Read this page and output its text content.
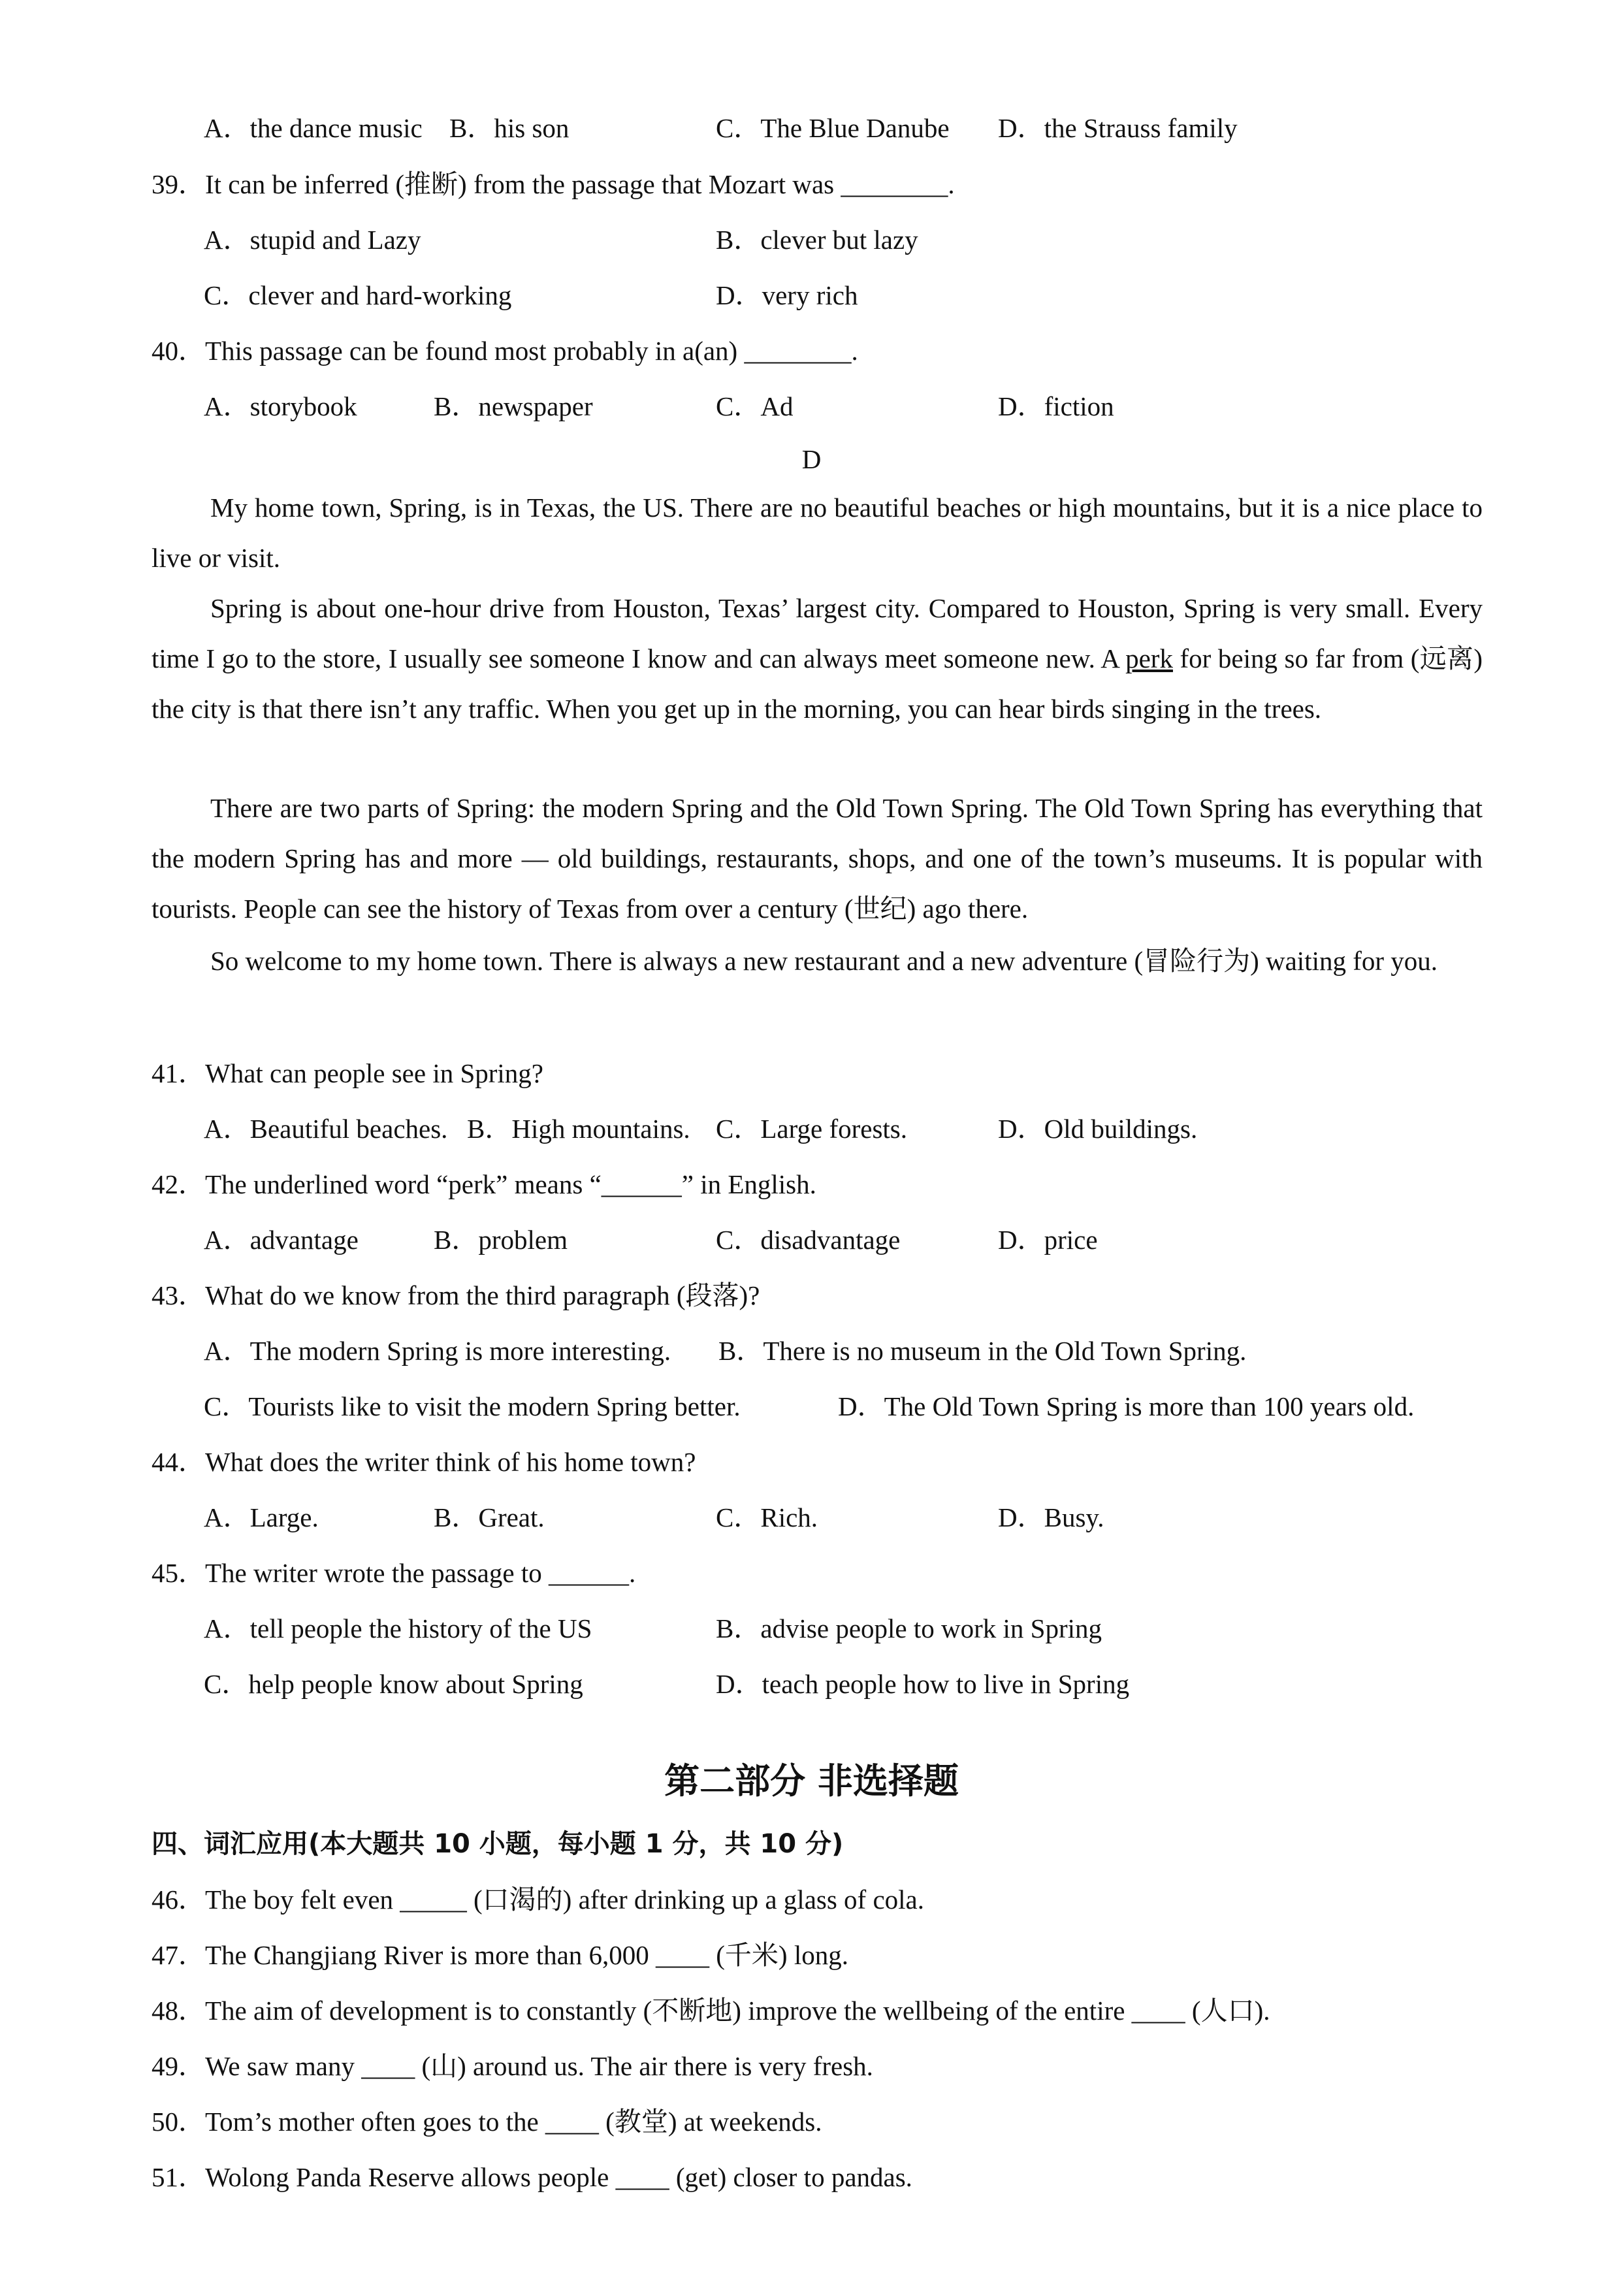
A．the dance music B．his son	C．The Blue Danube D．the Strauss family
39．It can be inferred (推断) from the passage that Mozart was ________.
A．stupid and Lazy	B．clever but lazy
C．clever and hard-working	D．very rich
40．This passage can be found most probably in a(an) ________.
A．storybook	B．newspaper	C．Ad	D．fiction
D
My home town, Spring, is in Texas, the US. There are no beautiful beaches or high mountains, but it is a nice place to live or visit.
Spring is about one-hour drive from Houston, Texas’ largest city. Compared to Houston, Spring is very small. Every time I go to the store, I usually see someone I know and can always meet someone new. A perk for being so far from (远离) the city is that there isn’t any traffic. When you get up in the morning, you can hear birds singing in the trees.
There are two parts of Spring: the modern Spring and the Old Town Spring. The Old Town Spring has everything that the modern Spring has and more — old buildings, restaurants, shops, and one of the town’s museums. It is popular with tourists. People can see the history of Texas from over a century (世纪) ago there.
So welcome to my home town. There is always a new restaurant and a new adventure (冒险行为) waiting for you.
41．What can people see in Spring?
A．Beautiful beaches. B．High mountains. C．Large forests.	D．Old buildings.
42．The underlined word “perk” means “______” in English.
A．advantage	B．problem	C．disadvantage	D．price
43．What do we know from the third paragraph (段落)?
A．The modern Spring is more interesting. B．There is no museum in the Old Town Spring.
C．Tourists like to visit the modern Spring better.	D．The Old Town Spring is more than 100 years old.
44．What does the writer think of his home town?
A．Large.	B．Great.	C．Rich.	D．Busy.
45．The writer wrote the passage to ______.
A．tell people the history of the US	B．advise people to work in Spring
C．help people know about Spring	D．teach people how to live in Spring
第二部分 非选择题
四、词汇应用(本大题共 10 小题，每小题 1 分，共 10 分)
46．The boy felt even _____ (口渴的) after drinking up a glass of cola.
47．The Changjiang River is more than 6,000 ____ (千米) long.
48．The aim of development is to constantly (不断地) improve the wellbeing of the entire ____ (人口).
49．We saw many ____ (山) around us. The air there is very fresh.
50．Tom’s mother often goes to the ____ (教堂) at weekends.
51．Wolong Panda Reserve allows people ____ (get) closer to pandas.
